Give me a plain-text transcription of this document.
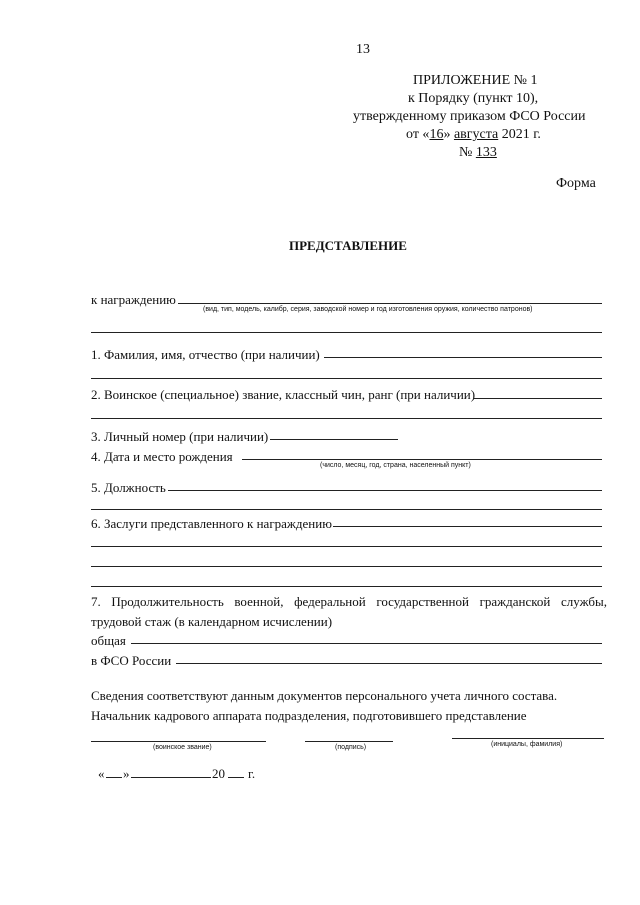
13
ПРИЛОЖЕНИЕ № 1
к Порядку (пункт 10),
утвержденному приказом ФСО России
от «16» августа 2021 г.
№ 133
Форма
ПРЕДСТАВЛЕНИЕ
к награждению
(вид, тип, модель, калибр, серия, заводской номер и год изготовления оружия, количество патронов)
1. Фамилия, имя, отчество (при наличии)
2. Воинское (специальное) звание, классный чин, ранг (при наличии)
3. Личный номер (при наличии)
4. Дата и место рождения
(число, месяц, год, страна, населенный пункт)
5. Должность
6. Заслуги представленного к награждению
7. Продолжительность военной, федеральной государственной гражданской службы,
трудовой стаж (в календарном исчислении)
общая
в ФСО России
Сведения соответствуют данным документов персонального учета личного состава.
Начальник кадрового аппарата подразделения, подготовившего представление
(воинское звание)	(подпись)	(инициалы, фамилия)
« »	20 г.
